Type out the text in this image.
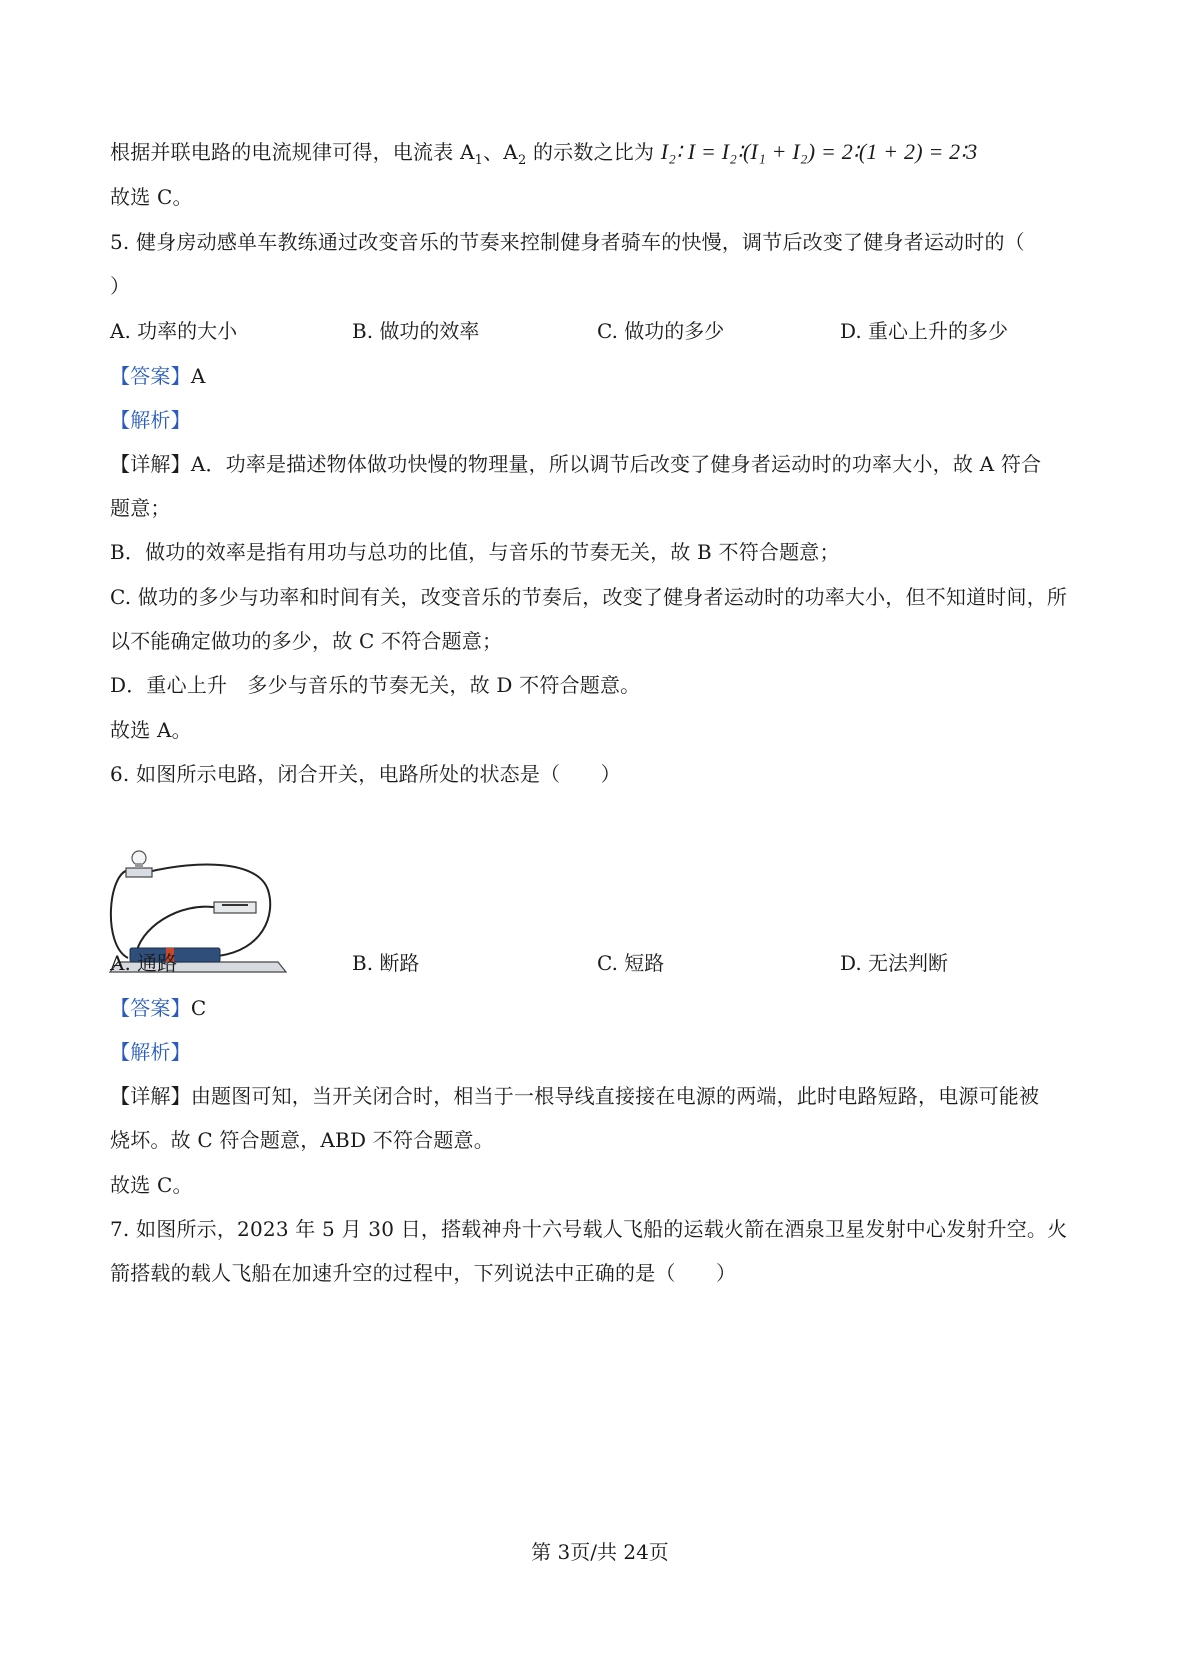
根据并联电路的电流规律可得，电流表 $A_1$、$A_2$ 的示数之比为 I₂∶ I = I₂∶(I₁ + I₂) = 2∶(1 + 2) = 2∶3
故选 C。
5. 健身房动感单车教练通过改变音乐的节奏来控制健身者骑车的快慢，调节后改变了健身者运动时的（
）
A. 功率的大小	B. 做功的效率	C. 做功的多少	D. 重心上升的多少
【答案】A
【解析】
【详解】A．功率是描述物体做功快慢的物理量，所以调节后改变了健身者运动时的功率大小，故 A 符合
题意；
B．做功的效率是指有用功与总功的比值，与音乐的节奏无关，故 B 不符合题意；
C. 做功的多少与功率和时间有关，改变音乐的节奏后，改变了健身者运动时的功率大小，但不知道时间，所
以不能确定做功的多少，故 C 不符合题意；
D．重心上升　多少与音乐的节奏无关，故 D 不符合题意。
故选 A。
6. 如图所示电路，闭合开关，电路所处的状态是（　　）
A. 通路	B. 断路	C. 短路	D. 无法判断
【答案】C
【解析】
【详解】由题图可知，当开关闭合时，相当于一根导线直接接在电源的两端，此时电路短路，电源可能被
烧坏。故 C 符合题意，ABD 不符合题意。
故选 C。
7. 如图所示，2023 年 5 月 30 日，搭载神舟十六号载人飞船的运载火箭在酒泉卫星发射中心发射升空。火
箭搭载的载人飞船在加速升空的过程中，下列说法中正确的是（　　）
第 3页/共 24页
